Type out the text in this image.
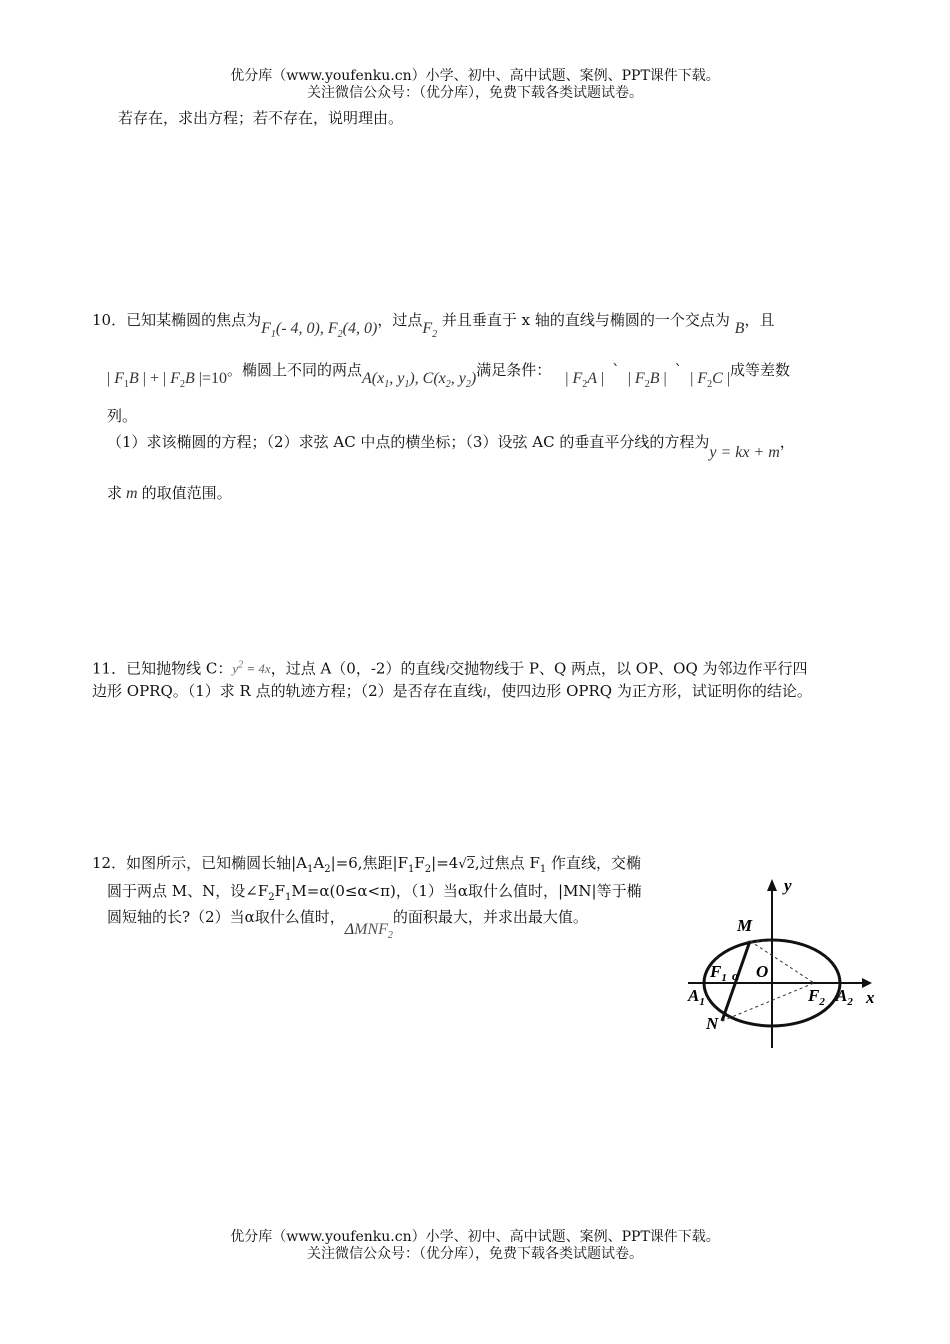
优分库（www.youfenku.cn）小学、初中、高中试题、案例、PPT课件下载。
关注微信公众号：（优分库），免费下载各类试题试卷。
若存在，求出方程；若不存在，说明理由。
10．已知某椭圆的焦点为$F_1(-$ 4, 0), $F_2(4$, 0)，过点$F_2$ 并且垂直于 x 轴的直线与椭圆的一个交点为 B，且
| $F_1B$ | + | $F_2B$ |=10。椭圆上不同的两点$A(x_1$, $y_1$), $C(x_2$, $y_2$)满足条件： | $F_2A$ | ` | $F_2B$ | ` | $F_2C$ |成等差数
列。
（1）求该椭圆的方程；（2）求弦 AC 中点的横坐标；（3）设弦 AC 的垂直平分线的方程为y = kx + m，
求 m 的取值范围。
11．已知抛物线 C：$y^2 = 4x$，过点 A（0，-2）的直线l交抛物线于 P、Q 两点，以 OP、OQ 为邻边作平行四
边形 OPRQ。（1）求 R 点的轨迹方程；（2）是否存在直线l，使四边形 OPRQ 为正方形，试证明你的结论。
12．如图所示，已知椭圆长轴$|A_1A_2|=6$,焦距$|F_1F_2|=4√2$,过焦点 $F_1$ 作直线，交椭
圆于两点 M、N，设$\angle F_2F_1M=\alpha(0\le\alpha<\pi)$，（1）当α取什么值时，|MN|等于椭
圆短轴的长?（2）当α取什么值时，$\Delta MNF_2$的面积最大，并求出最大值。
y
x
M
N
$F_1$ α O
$F_2$
$A_1$	$A_2$
优分库（www.youfenku.cn）小学、初中、高中试题、案例、PPT课件下载。
关注微信公众号：（优分库），免费下载各类试题试卷。
